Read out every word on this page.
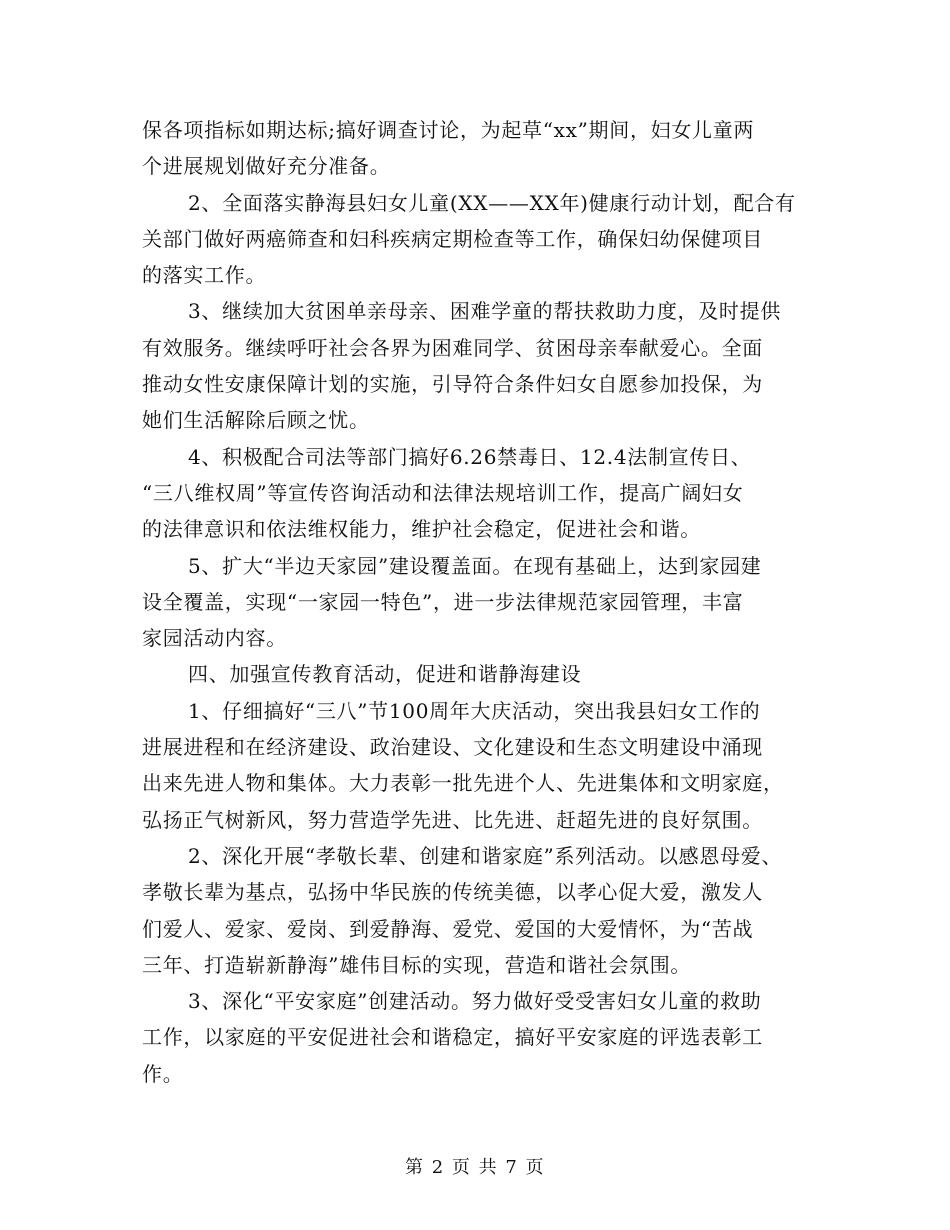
保各项指标如期达标;搞好调查讨论，为起草“xx”期间，妇女儿童两
个进展规划做好充分准备。
2、全面落实静海县妇女儿童(XX——XX年)健康行动计划，配合有
关部门做好两癌筛查和妇科疾病定期检查等工作，确保妇幼保健项目
的落实工作。
3、继续加大贫困单亲母亲、困难学童的帮扶救助力度，及时提供
有效服务。继续呼吁社会各界为困难同学、贫困母亲奉献爱心。全面
推动女性安康保障计划的实施，引导符合条件妇女自愿参加投保，为
她们生活解除后顾之忧。
4、积极配合司法等部门搞好6.26禁毒日、12.4法制宣传日、
“三八维权周”等宣传咨询活动和法律法规培训工作，提高广阔妇女
的法律意识和依法维权能力，维护社会稳定，促进社会和谐。
5、扩大“半边天家园”建设覆盖面。在现有基础上，达到家园建
设全覆盖，实现“一家园一特色”，进一步法律规范家园管理，丰富
家园活动内容。
四、加强宣传教育活动，促进和谐静海建设
1、仔细搞好“三八”节100周年大庆活动，突出我县妇女工作的
进展进程和在经济建设、政治建设、文化建设和生态文明建设中涌现
出来先进人物和集体。大力表彰一批先进个人、先进集体和文明家庭，
弘扬正气树新风，努力营造学先进、比先进、赶超先进的良好氛围。
2、深化开展“孝敬长辈、创建和谐家庭”系列活动。以感恩母爱、
孝敬长辈为基点，弘扬中华民族的传统美德，以孝心促大爱，激发人
们爱人、爱家、爱岗、到爱静海、爱党、爱国的大爱情怀，为“苦战
三年、打造崭新静海”雄伟目标的实现，营造和谐社会氛围。
3、深化“平安家庭”创建活动。努力做好受受害妇女儿童的救助
工作，以家庭的平安促进社会和谐稳定，搞好平安家庭的评选表彰工
作。
第 2 页 共 7 页
